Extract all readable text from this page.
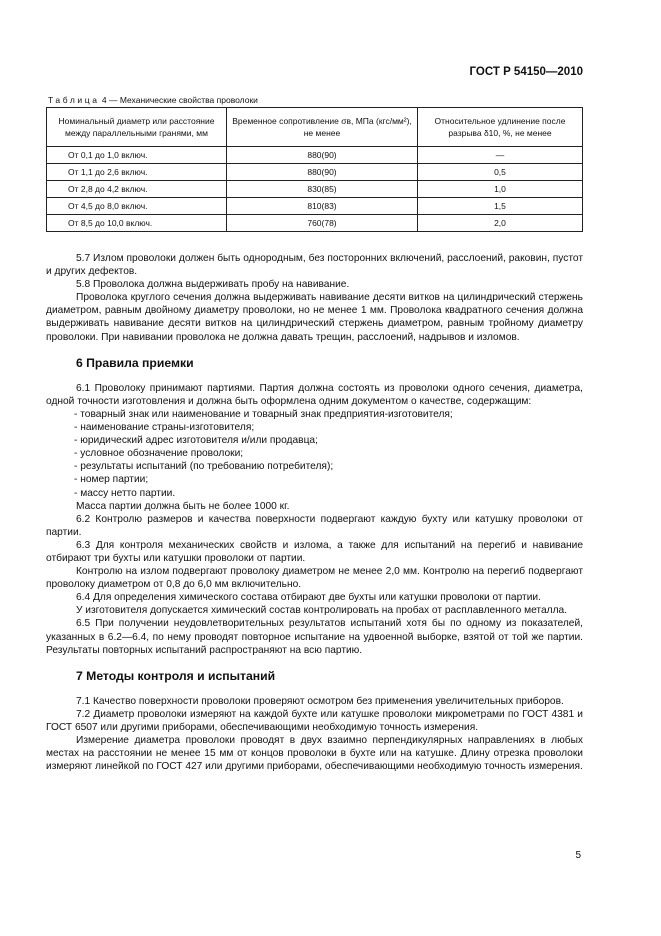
ГОСТ Р 54150—2010
Таблица 4 — Механические свойства проволоки
Номинальный диаметр или расстояние между параллельными гранями, мм	Временное сопротивление σв, МПа (кгс/мм²), не менее	Относительное удлинение после разрыва δ10, %, не менее
От 0,1 до 1,0 включ.	880(90)	—
От 1,1 до 2,6 включ.	880(90)	0,5
От 2,8 до 4,2 включ.	830(85)	1,0
От 4,5 до 8,0 включ.	810(83)	1,5
От 8,5 до 10,0 включ.	760(78)	2,0

5.7 Излом проволоки должен быть однородным, без посторонних включений, расслоений, раковин, пустот и других дефектов.

5.8 Проволока должна выдерживать пробу на навивание.

Проволока круглого сечения должна выдерживать навивание десяти витков на цилиндрический стержень диаметром, равным двойному диаметру проволоки, но не менее 1 мм. Проволока квадратного сечения должна выдерживать навивание десяти витков на цилиндрический стержень диаметром, равным тройному диаметру проволоки. При навивании проволока не должна давать трещин, расслоений, надрывов и изломов.

6 Правила приемки

6.1 Проволоку принимают партиями. Партия должна состоять из проволоки одного сечения, диаметра, одной точности изготовления и должна быть оформлена одним документом о качестве, содержащим:

- товарный знак или наименование и товарный знак предприятия-изготовителя;

- наименование страны-изготовителя;

- юридический адрес изготовителя и/или продавца;

- условное обозначение проволоки;

- результаты испытаний (по требованию потребителя);

- номер партии;

- массу нетто партии.

Масса партии должна быть не более 1000 кг.

6.2 Контролю размеров и качества поверхности подвергают каждую бухту или катушку проволоки от партии.

6.3 Для контроля механических свойств и излома, а также для испытаний на перегиб и навивание отбирают три бухты или катушки проволоки от партии.

Контролю на излом подвергают проволоку диаметром не менее 2,0 мм. Контролю на перегиб подвергают проволоку диаметром от 0,8 до 6,0 мм включительно.

6.4 Для определения химического состава отбирают две бухты или катушки проволоки от партии.

У изготовителя допускается химический состав контролировать на пробах от расплавленного металла.

6.5 При получении неудовлетворительных результатов испытаний хотя бы по одному из показателей, указанных в 6.2—6.4, по нему проводят повторное испытание на удвоенной выборке, взятой от той же партии. Результаты повторных испытаний распространяют на всю партию.

7 Методы контроля и испытаний

7.1 Качество поверхности проволоки проверяют осмотром без применения увеличительных приборов.

7.2 Диаметр проволоки измеряют на каждой бухте или катушке проволоки микрометрами по ГОСТ 4381 и ГОСТ 6507 или другими приборами, обеспечивающими необходимую точность измерения.

Измерение диаметра проволоки проводят в двух взаимно перпендикулярных направлениях в любых местах на расстоянии не менее 15 мм от концов проволоки в бухте или на катушке. Длину отрезка проволоки измеряют линейкой по ГОСТ 427 или другими приборами, обеспечивающими необходимую точность измерения.

5
